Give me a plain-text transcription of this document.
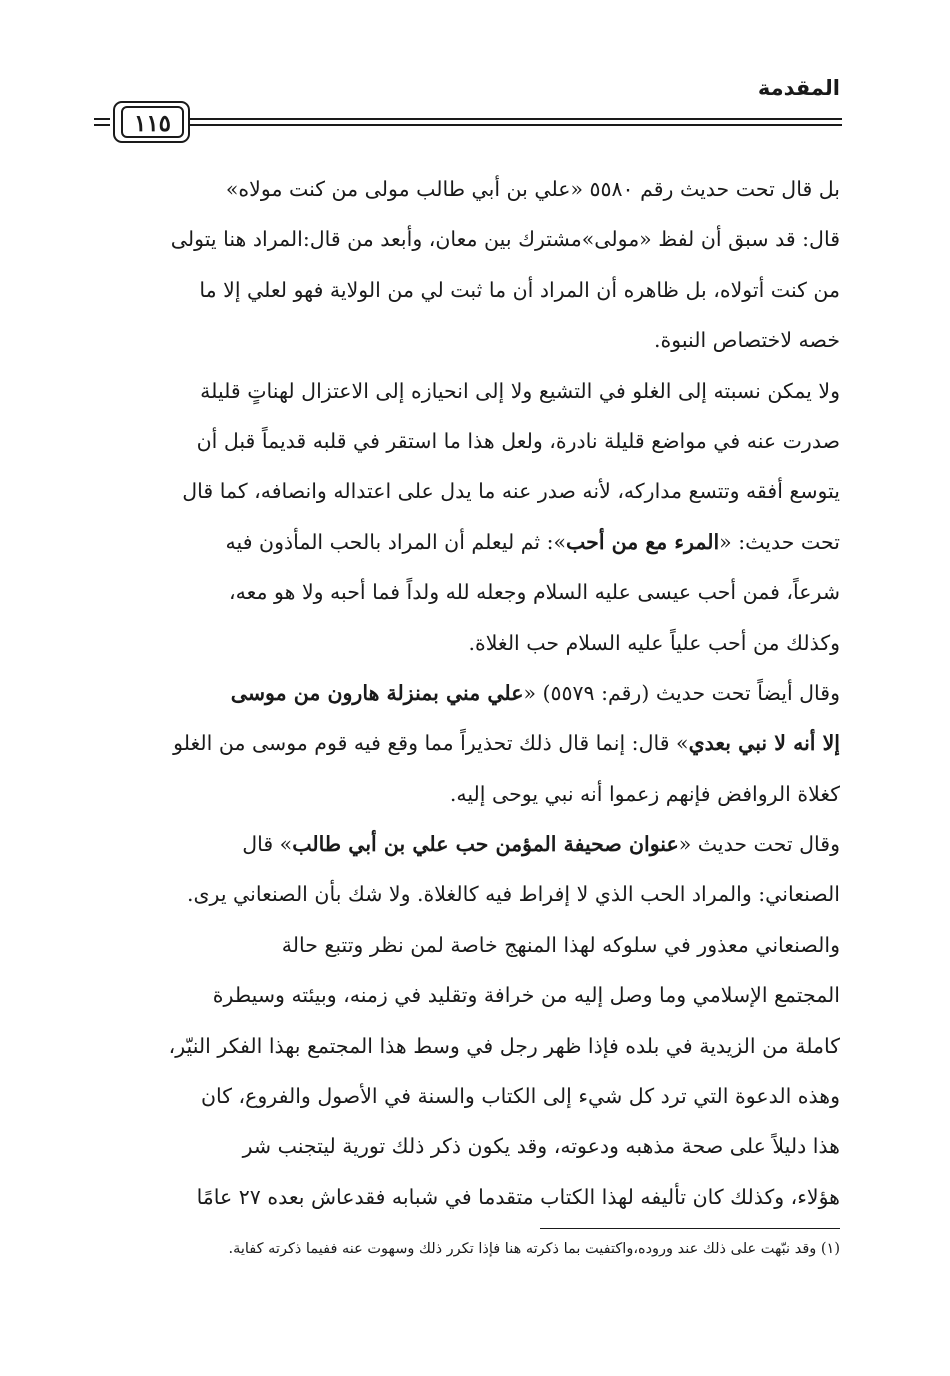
المقدمة
١١٥
بل قال تحت حديث رقم ٥٥٨٠ «علي بن أبي طالب مولى من كنت مولاه»
قال: قد سبق أن لفظ «مولى»مشترك بين معان، وأبعد من قال:المراد هنا يتولى
من كنت أتولاه، بل ظاهره أن المراد أن ما ثبت لي من الولاية فهو لعلي إلا ما
خصه لاختصاص النبوة.
ولا يمكن نسبته إلى الغلو في التشيع ولا إلى انحيازه إلى الاعتزال لهناتٍ قليلة
صدرت عنه في مواضع قليلة نادرة، ولعل هذا ما استقر في قلبه قديماً قبل أن
يتوسع أفقه وتتسع مداركه، لأنه صدر عنه ما يدل على اعتداله وانصافه، كما قال
تحت حديث: «المرء مع من أحب»: ثم ليعلم أن المراد بالحب المأذون فيه
شرعاً، فمن أحب عيسى عليه السلام وجعله لله ولداً فما أحبه ولا هو معه،
وكذلك من أحب علياً عليه السلام حب الغلاة.
وقال أيضاً تحت حديث (رقم: ٥٥٧٩) «علي مني بمنزلة هارون من موسى
إلا أنه لا نبي بعدي» قال: إنما قال ذلك تحذيراً مما وقع فيه قوم موسى من الغلو
كغلاة الروافض فإنهم زعموا أنه نبي يوحى إليه.
وقال تحت حديث «عنوان صحيفة المؤمن حب علي بن أبي طالب» قال
الصنعاني: والمراد الحب الذي لا إفراط فيه كالغلاة. ولا شك بأن الصنعاني يرى.
والصنعاني معذور في سلوكه لهذا المنهج خاصة لمن نظر وتتبع حالة
المجتمع الإسلامي وما وصل إليه من خرافة وتقليد في زمنه، وبيئته وسيطرة
كاملة من الزيدية في بلده فإذا ظهر رجل في وسط هذا المجتمع بهذا الفكر النيّر،
وهذه الدعوة التي ترد كل شيء إلى الكتاب والسنة في الأصول والفروع، كان
هذا دليلاً على صحة مذهبه ودعوته، وقد يكون ذكر ذلك تورية ليتجنب شر
هؤلاء، وكذلك كان تأليفه لهذا الكتاب متقدما في شبابه فقدعاش بعده ٢٧ عامًا
(١) وقد نبّهت على ذلك عند وروده،واكتفيت بما ذكرته هنا فإذا تكرر ذلك وسهوت عنه ففيما ذكرته كفاية.
